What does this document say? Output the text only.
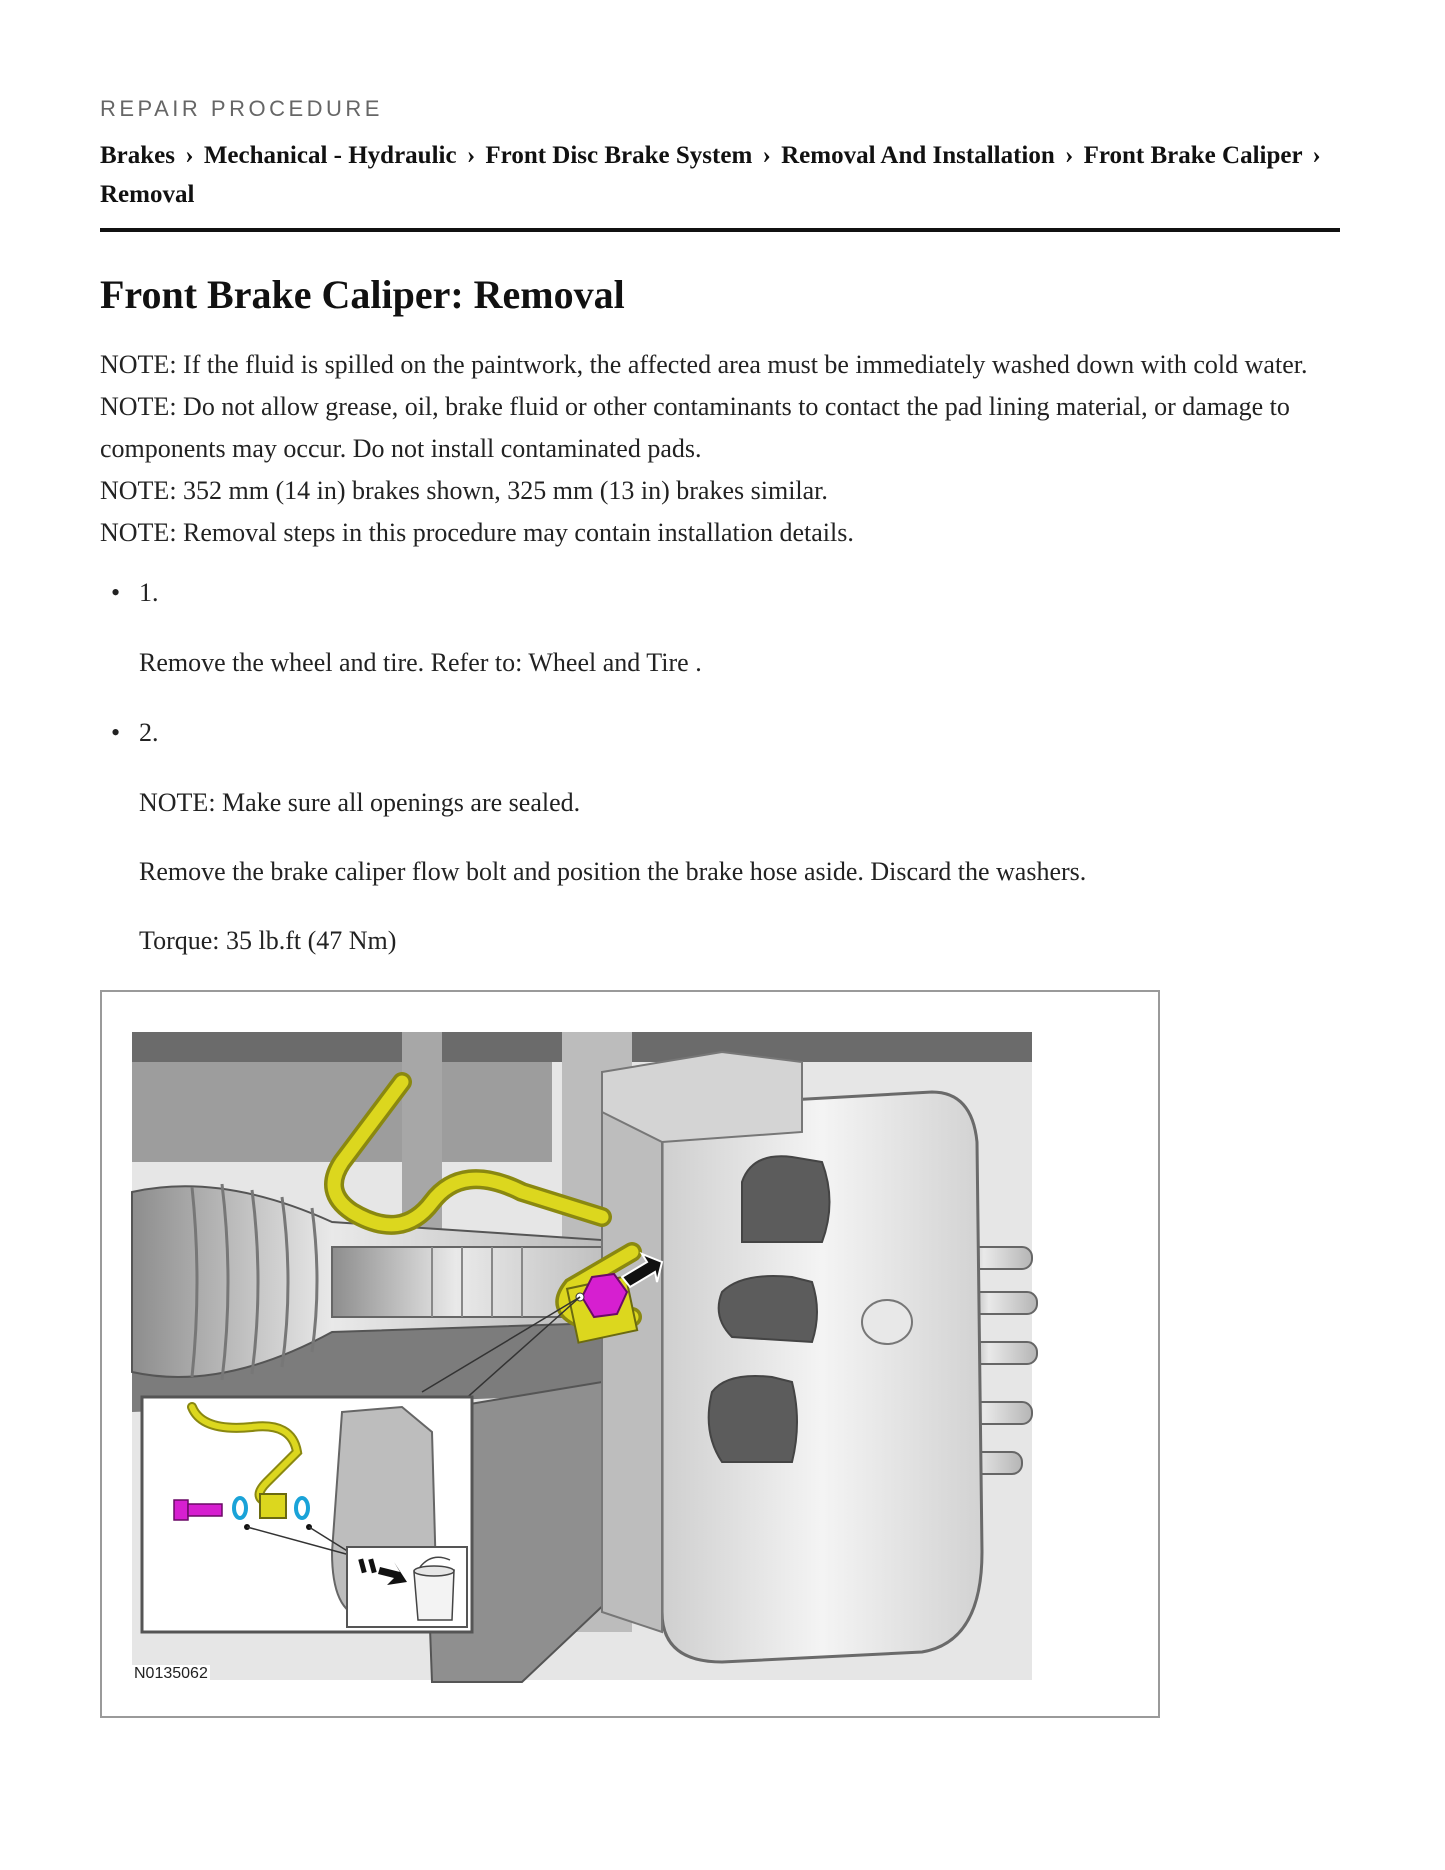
REPAIR PROCEDURE
Brakes › Mechanical - Hydraulic › Front Disc Brake System › Removal And Installation › Front Brake Caliper › Removal
Front Brake Caliper: Removal

NOTE: If the fluid is spilled on the paintwork, the affected area must be immediately washed down with cold water.

NOTE: Do not allow grease, oil, brake fluid or other contaminants to contact the pad lining material, or damage to components may occur. Do not install contaminated pads.

NOTE: 352 mm (14 in) brakes shown, 325 mm (13 in) brakes similar.

NOTE: Removal steps in this procedure may contain installation details.

• 1.

Remove the wheel and tire. Refer to: Wheel and Tire .

• 2.

NOTE: Make sure all openings are sealed.

Remove the brake caliper flow bolt and position the brake hose aside. Discard the washers.

Torque: 35 lb.ft (47 Nm)

N0135062
